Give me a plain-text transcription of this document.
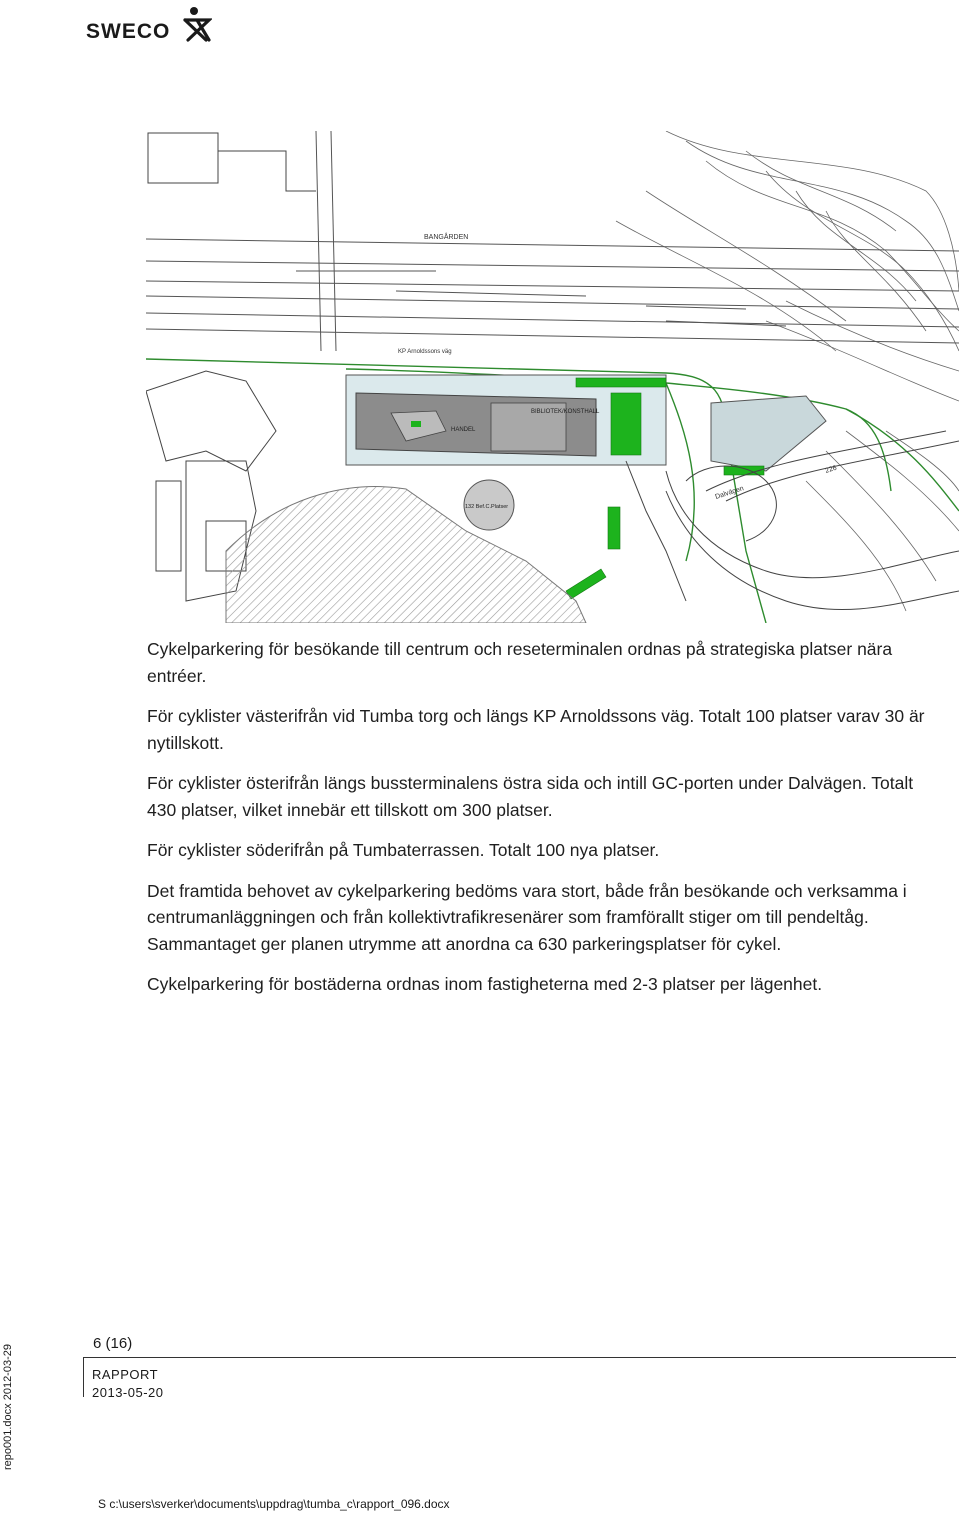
SWECO
BANGÅRDEN
KP Arnoldssons väg
BIBLIOTEK/KONSTHALL
HANDEL
132 Bef.C.Platser
Dalvägen
226

Cykelparkering för besökande till centrum och reseterminalen ordnas på strategiska platser nära entréer.

För cyklister västerifrån vid Tumba torg och längs KP Arnoldssons väg. Totalt 100 platser varav 30 är nytillskott.

För cyklister österifrån längs bussterminalens östra sida och intill GC-porten under Dalvägen. Totalt 430 platser, vilket innebär ett tillskott om 300 platser.

För cyklister söderifrån på Tumbaterrassen. Totalt 100 nya platser.

Det framtida behovet av cykelparkering bedöms vara stort, både från besökande och verksamma i centrumanläggningen och från kollektivtrafikresenärer som framförallt stiger om till pendeltåg. Sammantaget ger planen utrymme att anordna ca 630 parkeringsplatser för cykel.

Cykelparkering för bostäderna ordnas inom fastigheterna med 2-3 platser per lägenhet.

6 (16)
RAPPORT
2013-05-20
repo001.docx 2012-03-29
S c:\users\sverker\documents\uppdrag\tumba_c\rapport_096.docx
